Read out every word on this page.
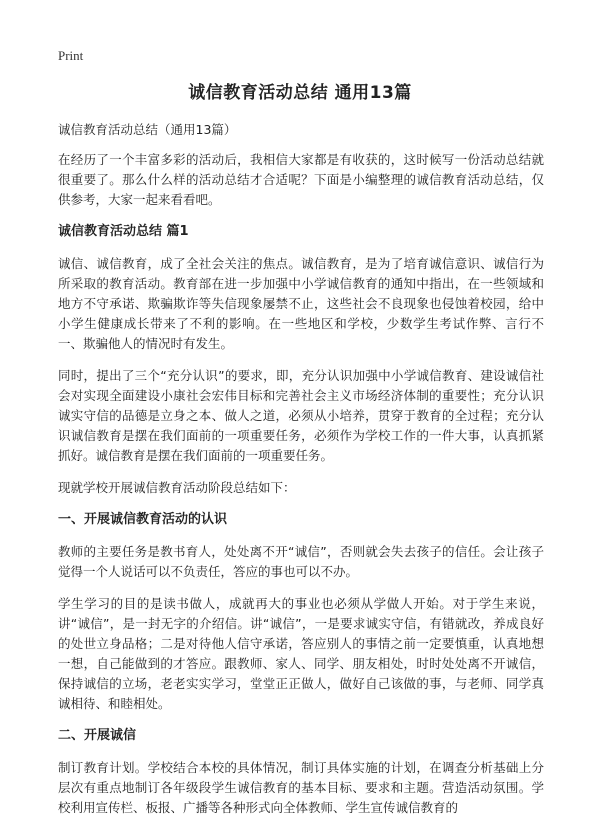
Print
诚信教育活动总结 通用13篇
诚信教育活动总结（通用13篇）
在经历了一个丰富多彩的活动后，我相信大家都是有收获的，这时候写一份活动总结就很重要了。那么什么样的活动总结才合适呢？下面是小编整理的诚信教育活动总结，仅供参考，大家一起来看看吧。
诚信教育活动总结 篇1
诚信、诚信教育，成了全社会关注的焦点。诚信教育，是为了培育诚信意识、诚信行为所采取的教育活动。教育部在进一步加强中小学诚信教育的通知中指出，在一些领域和地方不守承诺、欺骗欺诈等失信现象屡禁不止，这些社会不良现象也侵蚀着校园，给中小学生健康成长带来了不利的影响。在一些地区和学校，少数学生考试作弊、言行不一、欺骗他人的情况时有发生。
同时，提出了三个“充分认识”的要求，即，充分认识加强中小学诚信教育、建设诚信社会对实现全面建设小康社会宏伟目标和完善社会主义市场经济体制的重要性；充分认识诚实守信的品德是立身之本、做人之道，必须从小培养，贯穿于教育的全过程；充分认识诚信教育是摆在我们面前的一项重要任务，必须作为学校工作的一件大事，认真抓紧抓好。诚信教育是摆在我们面前的一项重要任务。
现就学校开展诚信教育活动阶段总结如下：
一、开展诚信教育活动的认识
教师的主要任务是教书育人，处处离不开“诚信”，否则就会失去孩子的信任。会让孩子觉得一个人说话可以不负责任，答应的事也可以不办。
学生学习的目的是读书做人，成就再大的事业也必须从学做人开始。对于学生来说，讲“诚信”，是一封无字的介绍信。讲“诚信”，一是要求诚实守信，有错就改，养成良好的处世立身品格；二是对待他人信守承诺，答应别人的事情之前一定要慎重，认真地想一想，自己能做到的才答应。跟教师、家人、同学、朋友相处，时时处处离不开诚信，保持诚信的立场，老老实实学习，堂堂正正做人，做好自己该做的事，与老师、同学真诚相待、和睦相处。
二、开展诚信
制订教育计划。学校结合本校的具体情况，制订具体实施的计划，在调查分析基础上分层次有重点地制订各年级段学生诚信教育的基本目标、要求和主题。营造活动氛围。学校利用宣传栏、板报、广播等各种形式向全体教师、学生宣传诚信教育的
